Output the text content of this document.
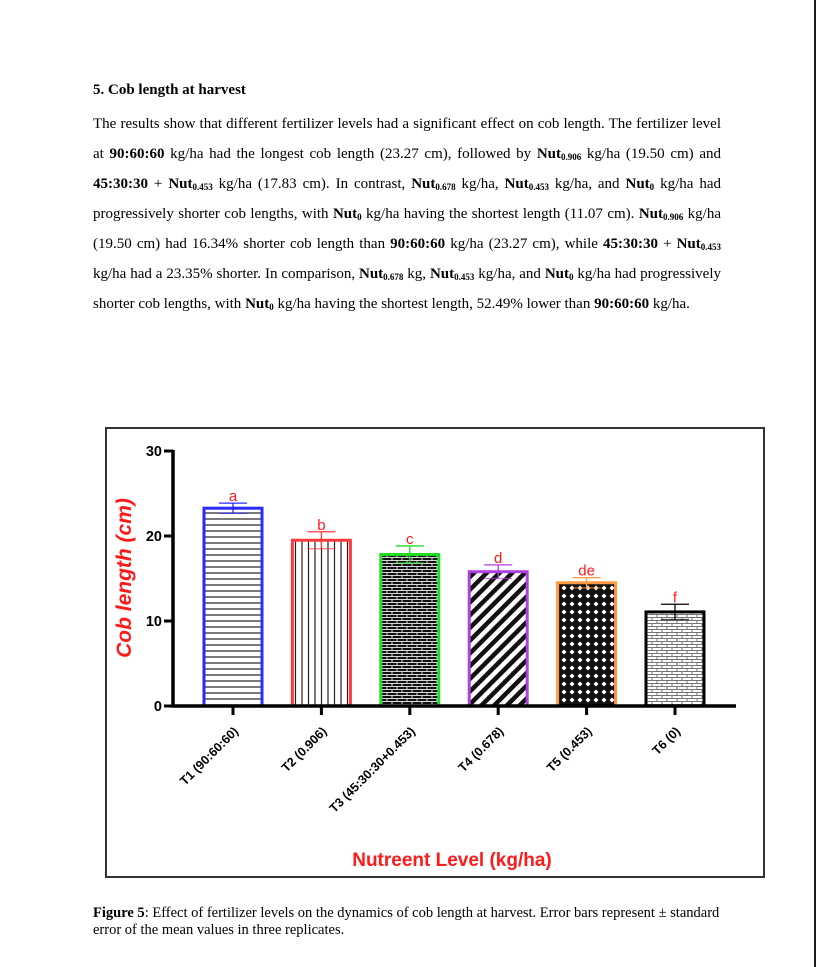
5. Cob length at harvest
The results show that different fertilizer levels had a significant effect on cob length. The fertilizer level at 90:60:60 kg/ha had the longest cob length (23.27 cm), followed by Nut$_{0.906}$ kg/ha (19.50 cm) and 45:30:30 + Nut$_{0.453}$ kg/ha (17.83 cm). In contrast, Nut$_{0.678}$ kg/ha, Nut$_{0.453}$ kg/ha, and Nut$_0$ kg/ha had progressively shorter cob lengths, with Nut$_0$ kg/ha having the shortest length (11.07 cm). Nut$_{0.906}$ kg/ha (19.50 cm) had 16.34% shorter cob length than 90:60:60 kg/ha (23.27 cm), while 45:30:30 + Nut$_{0.453}$ kg/ha had a 23.35% shorter. In comparison, Nut$_{0.678}$ kg, Nut$_{0.453}$ kg/ha, and Nut$_0$ kg/ha had progressively shorter cob lengths, with Nut$_0$ kg/ha having the shortest length, 52.49% lower than 90:60:60 kg/ha.
a
b
c
d
de
f
T1 (90:60:60)	T2 (0.906)
T3 (45:30:30+0.453)	T4 (0.678)	T5 (0.453)	T6 (0)
0
10
20
30
Cob length (cm)
Nutreent Level (kg/ha)
Figure 5: Effect of fertilizer levels on the dynamics of cob length at harvest. Error bars represent ± standard error of the mean values in three replicates.
